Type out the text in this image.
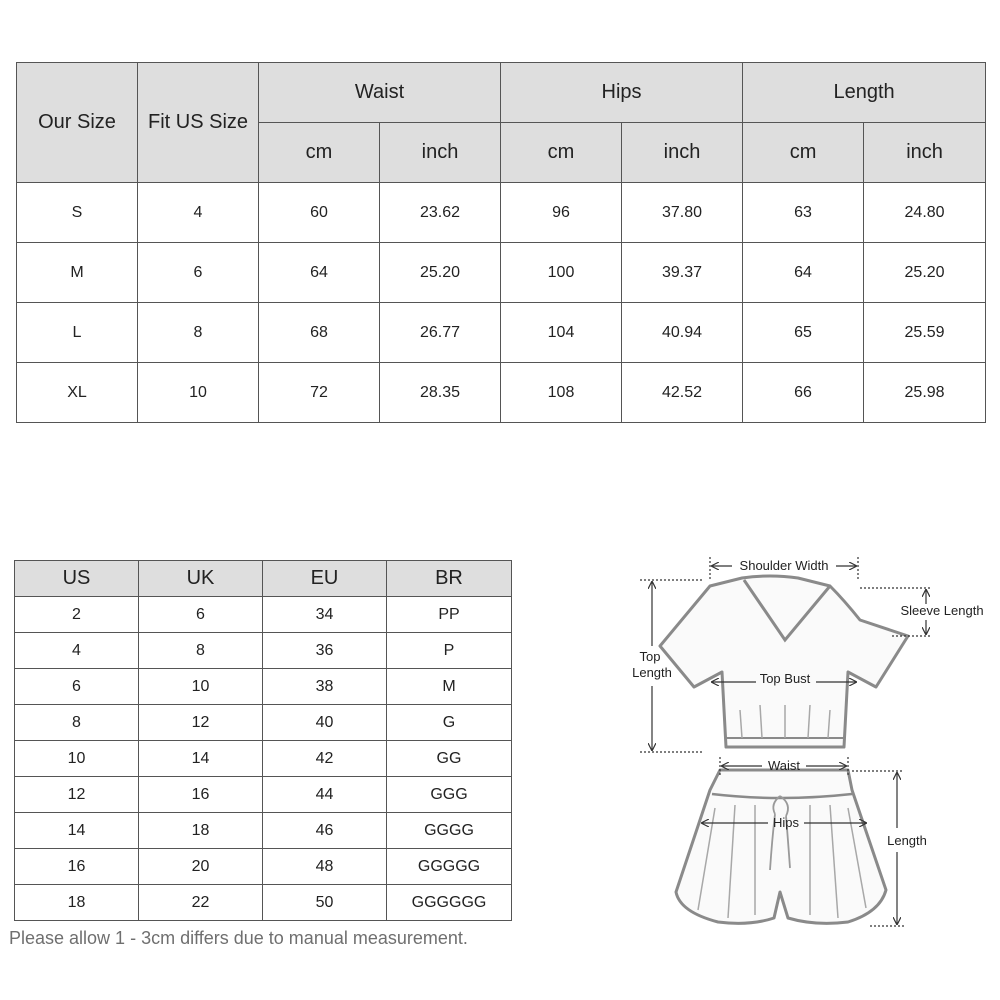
Our Size	Fit US Size	Waist		Hips		Length	
		cm	inch	cm	inch	cm	inch
S	4	60	23.62	96	37.80	63	24.80
M	6	64	25.20	100	39.37	64	25.20
L	8	68	26.77	104	40.94	65	25.59
XL	10	72	28.35	108	42.52	66	25.98
US	UK	EU	BR
2	6	34	PP
4	8	36	P
6	10	38	M
8	12	40	G
10	14	42	GG
12	16	44	GGG
14	18	46	GGGG
16	20	48	GGGGG
18	22	50	GGGGGG
Please allow 1 - 3cm differs due to manual measurement.
Shoulder Width
Sleeve Length
Top
Length	Top Bust
Waist
Hips
Length
